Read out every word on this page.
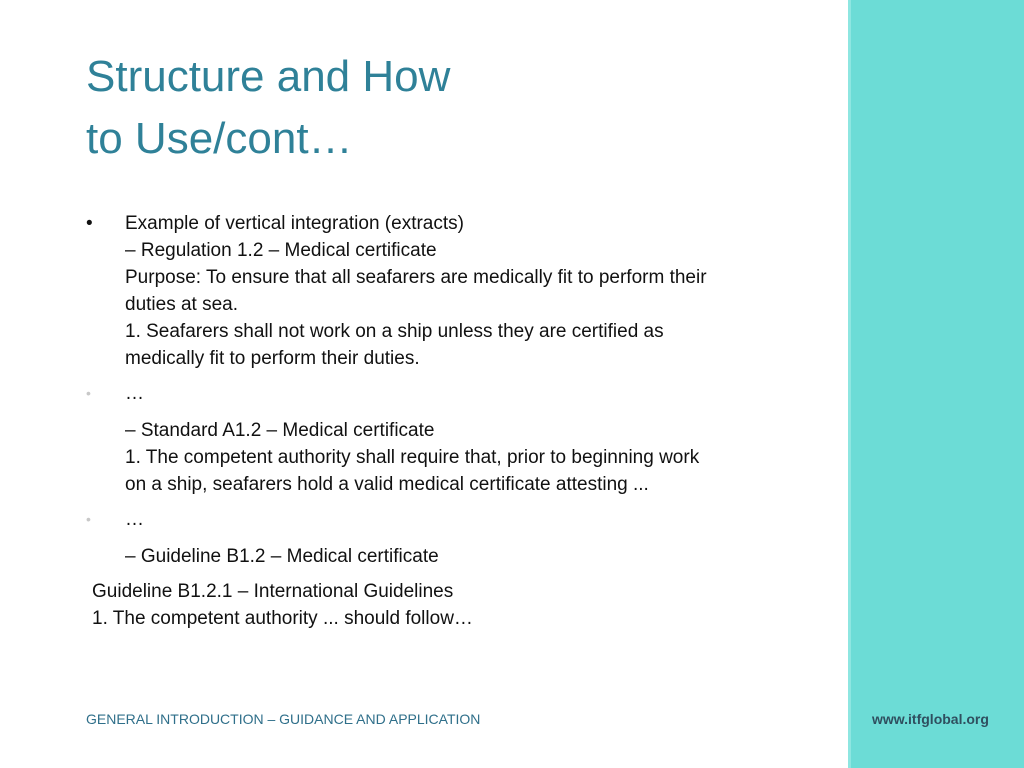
Structure and How
to Use/cont…
• Example of vertical integration (extracts)
– Regulation 1.2 – Medical certificate
Purpose: To ensure that all seafarers are medically fit to perform their
duties at sea.
1. Seafarers shall not work on a ship unless they are certified as
medically fit to perform their duties.
•	…
– Standard A1.2 – Medical certificate
1. The competent authority shall require that, prior to beginning work
on a ship, seafarers hold a valid medical certificate attesting ...
•	…
– Guideline B1.2 – Medical certificate
Guideline B1.2.1 – International Guidelines
1. The competent authority ... should follow…
GENERAL INTRODUCTION – GUIDANCE AND APPLICATION	www.itfglobal.org
